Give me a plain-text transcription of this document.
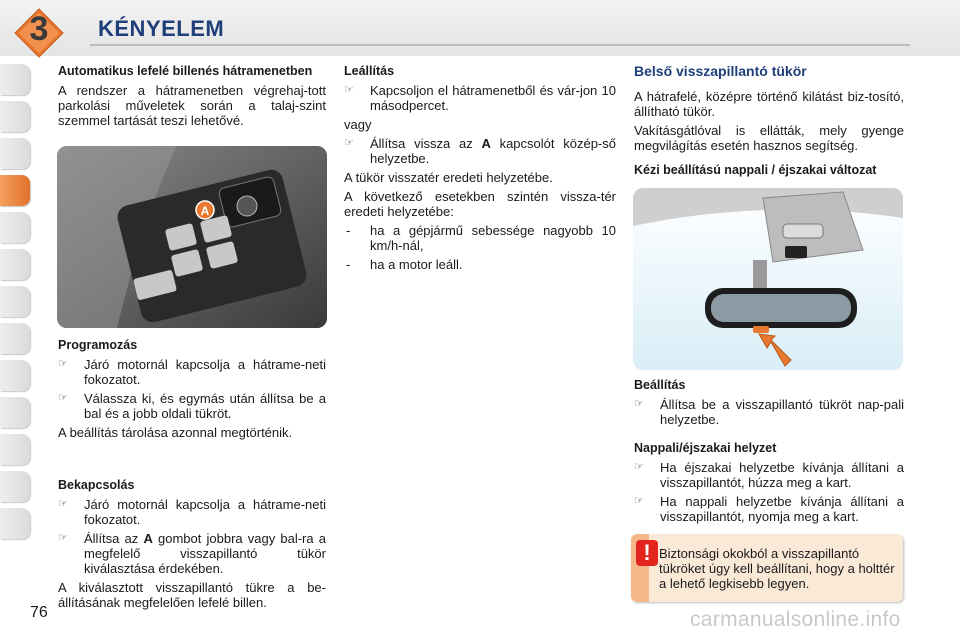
3	KÉNYELEM

Automatikus lefelé billenés hátramenetben

A rendszer a hátramenetben végrehaj-tott parkolási műveletek során a talaj-szint szemmel tartását teszi lehetővé.

A

Programozás

☞ Járó motornál kapcsolja a hátrame-neti fokozatot.

☞ Válassza ki, és egymás után állítsa be a bal és a jobb oldali tükröt.

A beállítás tárolása azonnal megtörténik.

Bekapcsolás

☞ Járó motornál kapcsolja a hátrame-neti fokozatot.

☞ Állítsa az A gombot jobbra vagy bal-ra a megfelelő visszapillantó tükör kiválasztása érdekében.

A kiválasztott visszapillantó tükre a be-állításának megfelelően lefelé billen.

Leállítás

☞ Kapcsoljon el hátramenetből és vár-jon 10 másodpercet.

vagy

☞ Állítsa vissza az A kapcsolót közép-ső helyzetbe.

A tükör visszatér eredeti helyzetébe.

A következő esetekben szintén vissza-tér eredeti helyzetébe:

- ha a gépjármű sebessége nagyobb 10 km/h-nál,

- ha a motor leáll.

Belső visszapillantó tükör

A hátrafelé, középre történő kilátást biz-tosító, állítható tükör.

Vakításgátlóval is ellátták, mely gyenge megvilágítás esetén hasznos segítség.

Kézi beállítású nappali / éjszakai változat

Beállítás

☞ Állítsa be a visszapillantó tükröt nap-pali helyzetbe.

Nappali/éjszakai helyzet

☞ Ha éjszakai helyzetbe kívánja állítani a visszapillantót, húzza meg a kart.

☞ Ha nappali helyzetbe kívánja állítani a visszapillantót, nyomja meg a kart.

! Biztonsági okokból a visszapillantó tükröket úgy kell beállítani, hogy a holttér a lehető legkisebb legyen.
76	carmanualsonline.info
